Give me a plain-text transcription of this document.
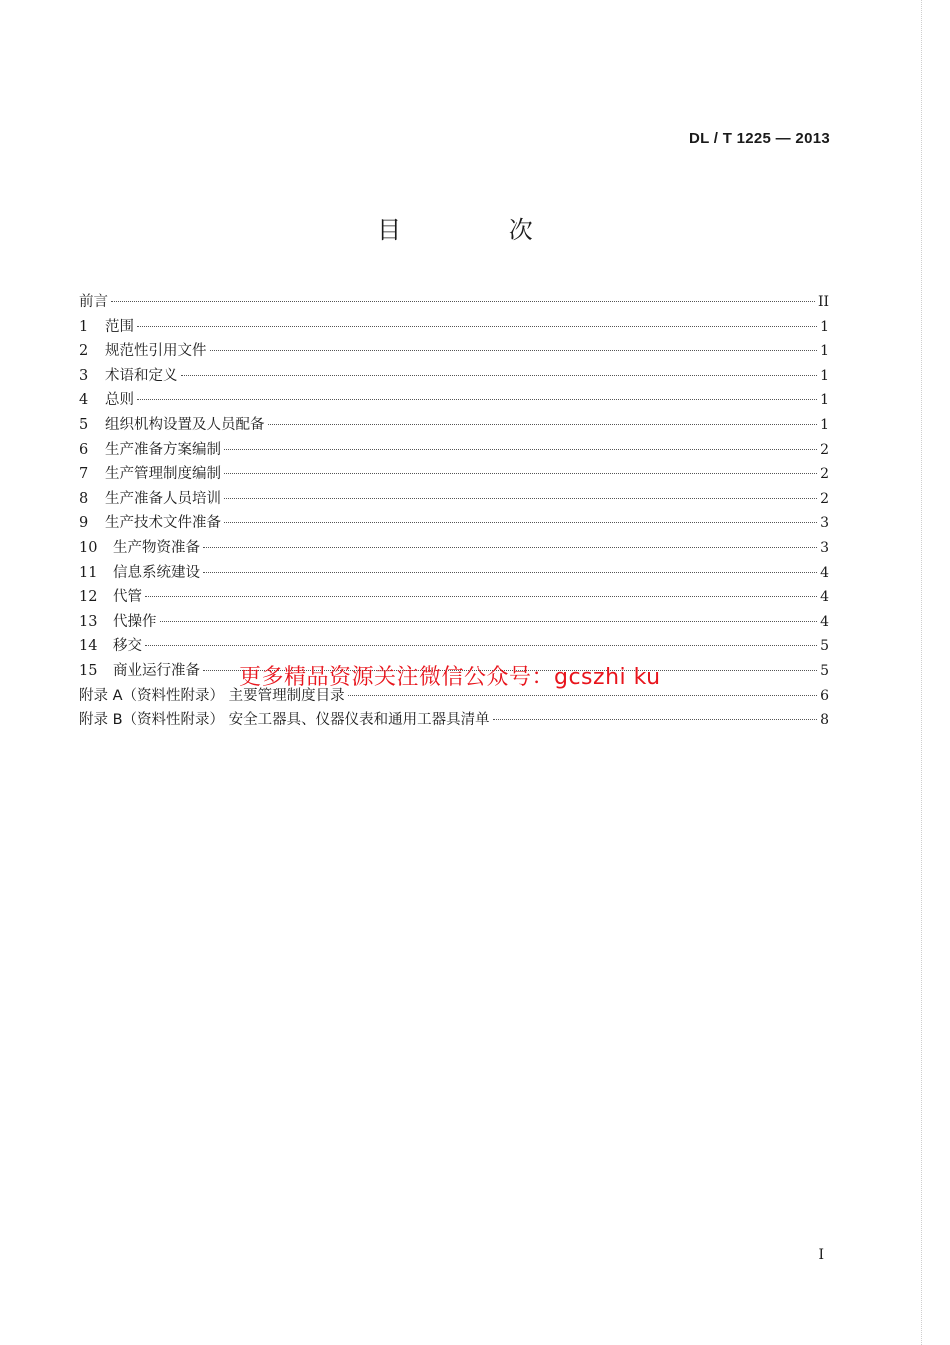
DL / T 1225 — 2013
目 次
前言	II
1	范围	1
2	规范性引用文件	1
3	术语和定义	1
4	总则	1
5	组织机构设置及人员配备	1
6	生产准备方案编制	2
7	生产管理制度编制	2
8	生产准备人员培训	2
9	生产技术文件准备	3
10	生产物资准备	3
11	信息系统建设	4
12	代管	4
13	代操作	4
14	移交	5
15	商业运行准备	5
附录 A（资料性附录） 主要管理制度目录	6
附录 B（资料性附录） 安全工器具、仪器仪表和通用工器具清单	8
更多精品资源关注微信公众号：gcszhi ku
I
